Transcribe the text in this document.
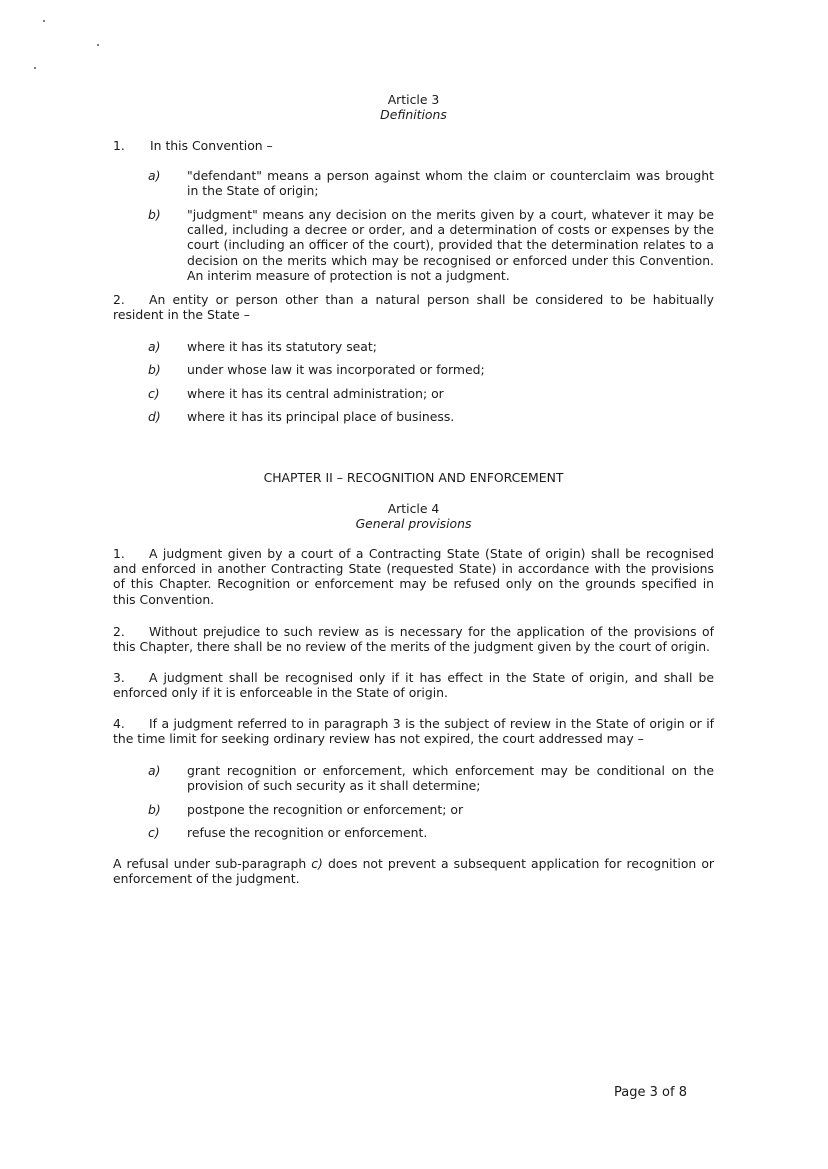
Article 3
Definitions
1. In this Convention –
a) "defendant" means a person against whom the claim or counterclaim was brought in the State of origin;
b) "judgment" means any decision on the merits given by a court, whatever it may be called, including a decree or order, and a determination of costs or expenses by the court (including an officer of the court), provided that the determination relates to a decision on the merits which may be recognised or enforced under this Convention. An interim measure of protection is not a judgment.
2. An entity or person other than a natural person shall be considered to be habitually resident in the State –
a) where it has its statutory seat;
b) under whose law it was incorporated or formed;
c) where it has its central administration; or
d) where it has its principal place of business.
CHAPTER II – RECOGNITION AND ENFORCEMENT
Article 4
General provisions
1. A judgment given by a court of a Contracting State (State of origin) shall be recognised and enforced in another Contracting State (requested State) in accordance with the provisions of this Chapter. Recognition or enforcement may be refused only on the grounds specified in this Convention.
2. Without prejudice to such review as is necessary for the application of the provisions of this Chapter, there shall be no review of the merits of the judgment given by the court of origin.
3. A judgment shall be recognised only if it has effect in the State of origin, and shall be enforced only if it is enforceable in the State of origin.
4. If a judgment referred to in paragraph 3 is the subject of review in the State of origin or if the time limit for seeking ordinary review has not expired, the court addressed may –
a) grant recognition or enforcement, which enforcement may be conditional on the provision of such security as it shall determine;
b) postpone the recognition or enforcement; or
c) refuse the recognition or enforcement.
A refusal under sub-paragraph c) does not prevent a subsequent application for recognition or enforcement of the judgment.
Page 3 of 8
